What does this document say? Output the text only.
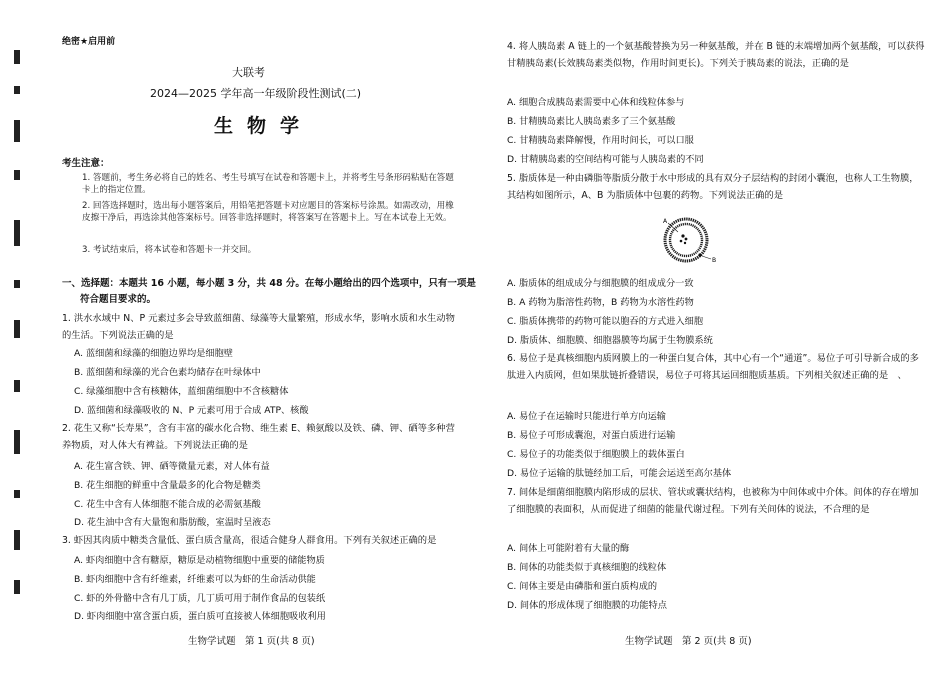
绝密★启用前
大联考
2024—2025 学年高一年级阶段性测试(二)
生物学
考生注意：
1. 答题前，考生务必将自己的姓名、考生号填写在试卷和答题卡上，并将考生号条形码粘贴在答题卡上的指定位置。
2. 回答选择题时，选出每小题答案后，用铅笔把答题卡对应题目的答案标号涂黑。如需改动，用橡皮擦干净后，再选涂其他答案标号。回答非选择题时，将答案写在答题卡上。写在本试卷上无效。
3. 考试结束后，将本试卷和答题卡一并交回。
一、选择题：本题共 16 小题，每小题 3 分，共 48 分。在每小题给出的四个选项中，只有一项是
符合题目要求的。
1. 洪水水域中 N、P 元素过多会导致蓝细菌、绿藻等大量繁殖，形成水华，影响水质和水生动物的生活。下列说法正确的是
A. 蓝细菌和绿藻的细胞边界均是细胞壁
B. 蓝细菌和绿藻的光合色素均储存在叶绿体中
C. 绿藻细胞中含有核糖体，蓝细菌细胞中不含核糖体
D. 蓝细菌和绿藻吸收的 N、P 元素可用于合成 ATP、核酸
2. 花生又称“长寿果”，含有丰富的碳水化合物、维生素 E、赖氨酸以及铁、磷、钾、硒等多种营养物质，对人体大有裨益。下列说法正确的是
A. 花生富含铁、钾、硒等微量元素，对人体有益
B. 花生细胞的鲜重中含量最多的化合物是糖类
C. 花生中含有人体细胞不能合成的必需氨基酸
D. 花生油中含有大量饱和脂肪酸，室温时呈液态
3. 虾因其肉质中糖类含量低、蛋白质含量高，很适合健身人群食用。下列有关叙述正确的是
A. 虾肉细胞中含有糖原，糖原是动植物细胞中重要的储能物质
B. 虾肉细胞中含有纤维素，纤维素可以为虾的生命活动供能
C. 虾的外骨骼中含有几丁质，几丁质可用于制作食品的包装纸
D. 虾肉细胞中富含蛋白质，蛋白质可直接被人体细胞吸收利用
生物学试题　第 1 页(共 8 页)
4. 将人胰岛素 A 链上的一个氨基酸替换为另一种氨基酸，并在 B 链的末端增加两个氨基酸，可以获得甘精胰岛素(长效胰岛素类似物，作用时间更长)。下列关于胰岛素的说法，正确的是
A. 细胞合成胰岛素需要中心体和线粒体参与
B. 甘精胰岛素比人胰岛素多了三个氨基酸
C. 甘精胰岛素降解慢，作用时间长，可以口服
D. 甘精胰岛素的空间结构可能与人胰岛素的不同
5. 脂质体是一种由磷脂等脂质分散于水中形成的具有双分子层结构的封闭小囊泡，也称人工生物膜，其结构如图所示，A、B 为脂质体中包裹的药物。下列说法正确的是
A. 脂质体的组成成分与细胞膜的组成成分一致
B. A 药物为脂溶性药物，B 药物为水溶性药物
C. 脂质体携带的药物可能以胞吞的方式进入细胞
D. 脂质体、细胞膜、细胞器膜等均属于生物膜系统
6. 易位子是真核细胞内质网膜上的一种蛋白复合体，其中心有一个“通道”。易位子可引导新合成的多肽进入内质网，但如果肽链折叠错误，易位子可将其运回细胞质基质。下列相关叙述正确的是　、
A. 易位子在运输时只能进行单方向运输
B. 易位子可形成囊泡，对蛋白质进行运输
C. 易位子的功能类似于细胞膜上的载体蛋白
D. 易位子运输的肽链经加工后，可能会运送至高尔基体
7. 间体是细菌细胞膜内陷形成的层状、管状或囊状结构，也被称为中间体或中介体。间体的存在增加了细胞膜的表面积，从而促进了细菌的能量代谢过程。下列有关间体的说法，不合理的是
A. 间体上可能附着有大量的酶
B. 间体的功能类似于真核细胞的线粒体
C. 间体主要是由磷脂和蛋白质构成的
D. 间体的形成体现了细胞膜的功能特点
生物学试题　第 2 页(共 8 页)
A
B
